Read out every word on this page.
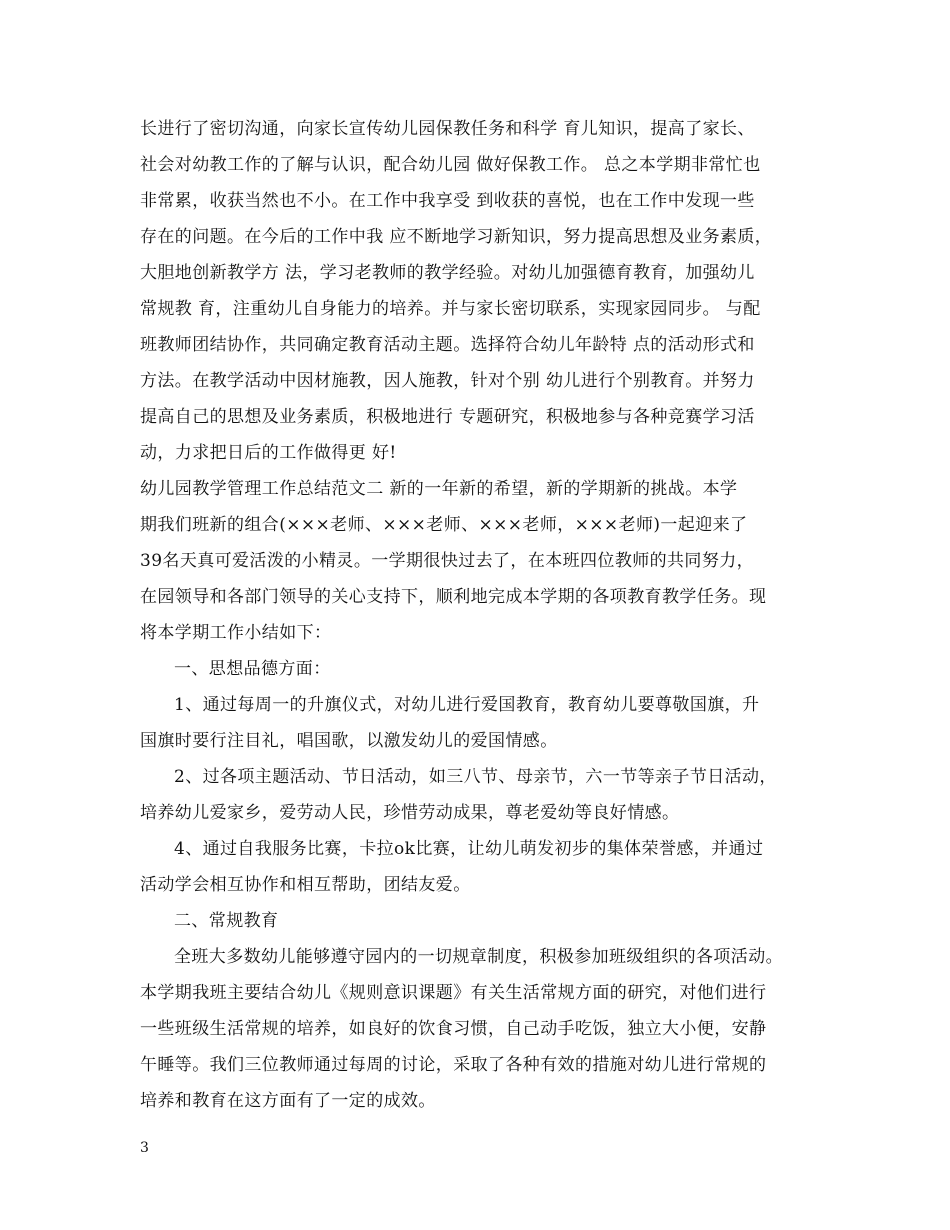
长进行了密切沟通，向家长宣传幼儿园保教任务和科学 育儿知识，提高了家长、
社会对幼教工作的了解与认识，配合幼儿园 做好保教工作。 总之本学期非常忙也
非常累，收获当然也不小。在工作中我享受 到收获的喜悦，也在工作中发现一些
存在的问题。在今后的工作中我 应不断地学习新知识，努力提高思想及业务素质，
大胆地创新教学方 法，学习老教师的教学经验。对幼儿加强德育教育，加强幼儿
常规教 育，注重幼儿自身能力的培养。并与家长密切联系，实现家园同步。 与配
班教师团结协作，共同确定教育活动主题。选择符合幼儿年龄特 点的活动形式和
方法。在教学活动中因材施教，因人施教，针对个别 幼儿进行个别教育。并努力
提高自己的思想及业务素质，积极地进行 专题研究，积极地参与各种竞赛学习活
动，力求把日后的工作做得更 好!
幼儿园教学管理工作总结范文二 新的一年新的希望，新的学期新的挑战。本学
期我们班新的组合(×××老师、×××老师、×××老师，×××老师)一起迎来了
39名天真可爱活泼的小精灵。一学期很快过去了，在本班四位教师的共同努力，
在园领导和各部门领导的关心支持下，顺利地完成本学期的各项教育教学任务。现
将本学期工作小结如下：
一、思想品德方面：
1、通过每周一的升旗仪式，对幼儿进行爱国教育，教育幼儿要尊敬国旗，升
国旗时要行注目礼，唱国歌，以激发幼儿的爱国情感。
2、过各项主题活动、节日活动，如三八节、母亲节，六一节等亲子节日活动，
培养幼儿爱家乡，爱劳动人民，珍惜劳动成果，尊老爱幼等良好情感。
4、通过自我服务比赛，卡拉ok比赛，让幼儿萌发初步的集体荣誉感，并通过
活动学会相互协作和相互帮助，团结友爱。
二、常规教育
全班大多数幼儿能够遵守园内的一切规章制度，积极参加班级组织的各项活动。
本学期我班主要结合幼儿《规则意识课题》有关生活常规方面的研究，对他们进行
一些班级生活常规的培养，如良好的饮食习惯，自己动手吃饭，独立大小便，安静
午睡等。我们三位教师通过每周的讨论，采取了各种有效的措施对幼儿进行常规的
培养和教育在这方面有了一定的成效。
3
